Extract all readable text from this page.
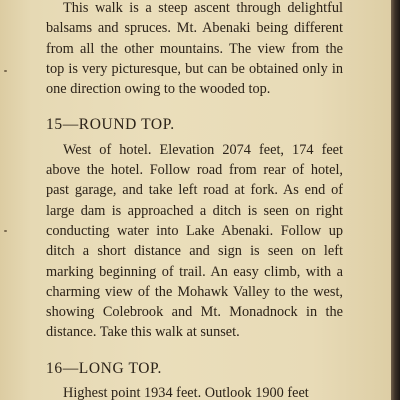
This walk is a steep ascent through delightful balsams and spruces. Mt. Abenaki being different from all the other mountains. The view from the top is very picturesque, but can be obtained only in one direction owing to the wooded top.

15—ROUND TOP.

West of hotel. Elevation 2074 feet, 174 feet above the hotel. Follow road from rear of hotel, past garage, and take left road at fork. As end of large dam is approached a ditch is seen on right conducting water into Lake Abenaki. Follow up ditch a short distance and sign is seen on left marking beginning of trail. An easy climb, with a charming view of the Mohawk Valley to the west, showing Colebrook and Mt. Monadnock in the distance. Take this walk at sunset.

16—LONG TOP.

Highest point 1934 feet. Outlook 1900 feet
